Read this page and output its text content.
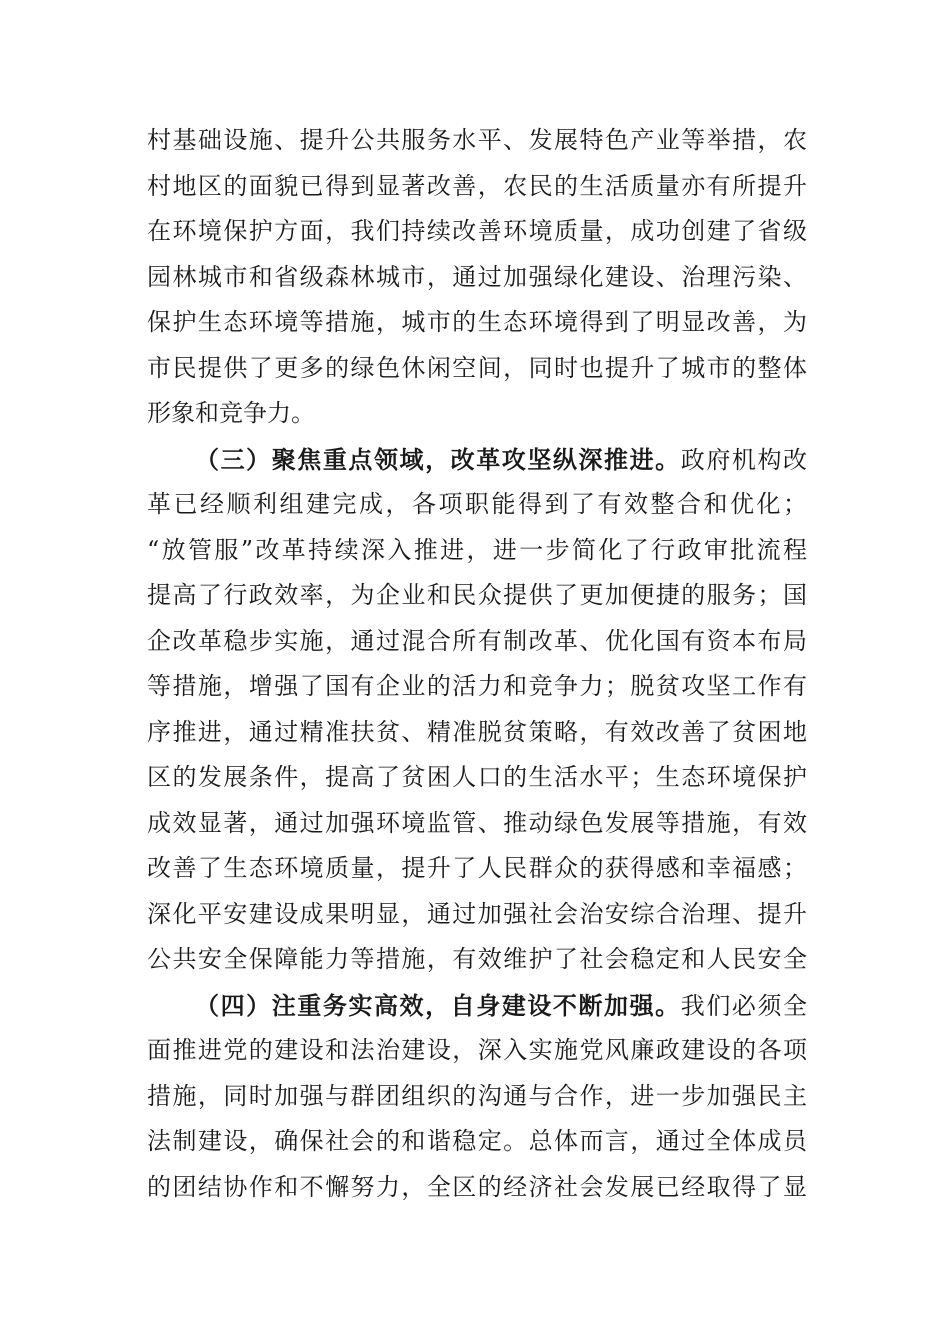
村基础设施、提升公共服务水平、发展特色产业等举措，农
村地区的面貌已得到显著改善，农民的生活质量亦有所提升
在环境保护方面，我们持续改善环境质量，成功创建了省级
园林城市和省级森林城市，通过加强绿化建设、治理污染、
保护生态环境等措施，城市的生态环境得到了明显改善，为
市民提供了更多的绿色休闲空间，同时也提升了城市的整体
形象和竞争力。
（三）聚焦重点领域，改革攻坚纵深推进。政府机构改
革已经顺利组建完成，各项职能得到了有效整合和优化；
“放管服”改革持续深入推进，进一步简化了行政审批流程
提高了行政效率，为企业和民众提供了更加便捷的服务；国
企改革稳步实施，通过混合所有制改革、优化国有资本布局
等措施，增强了国有企业的活力和竞争力；脱贫攻坚工作有
序推进，通过精准扶贫、精准脱贫策略，有效改善了贫困地
区的发展条件，提高了贫困人口的生活水平；生态环境保护
成效显著，通过加强环境监管、推动绿色发展等措施，有效
改善了生态环境质量，提升了人民群众的获得感和幸福感；
深化平安建设成果明显，通过加强社会治安综合治理、提升
公共安全保障能力等措施，有效维护了社会稳定和人民安全
（四）注重务实高效，自身建设不断加强。我们必须全
面推进党的建设和法治建设，深入实施党风廉政建设的各项
措施，同时加强与群团组织的沟通与合作，进一步加强民主
法制建设，确保社会的和谐稳定。总体而言，通过全体成员
的团结协作和不懈努力，全区的经济社会发展已经取得了显
